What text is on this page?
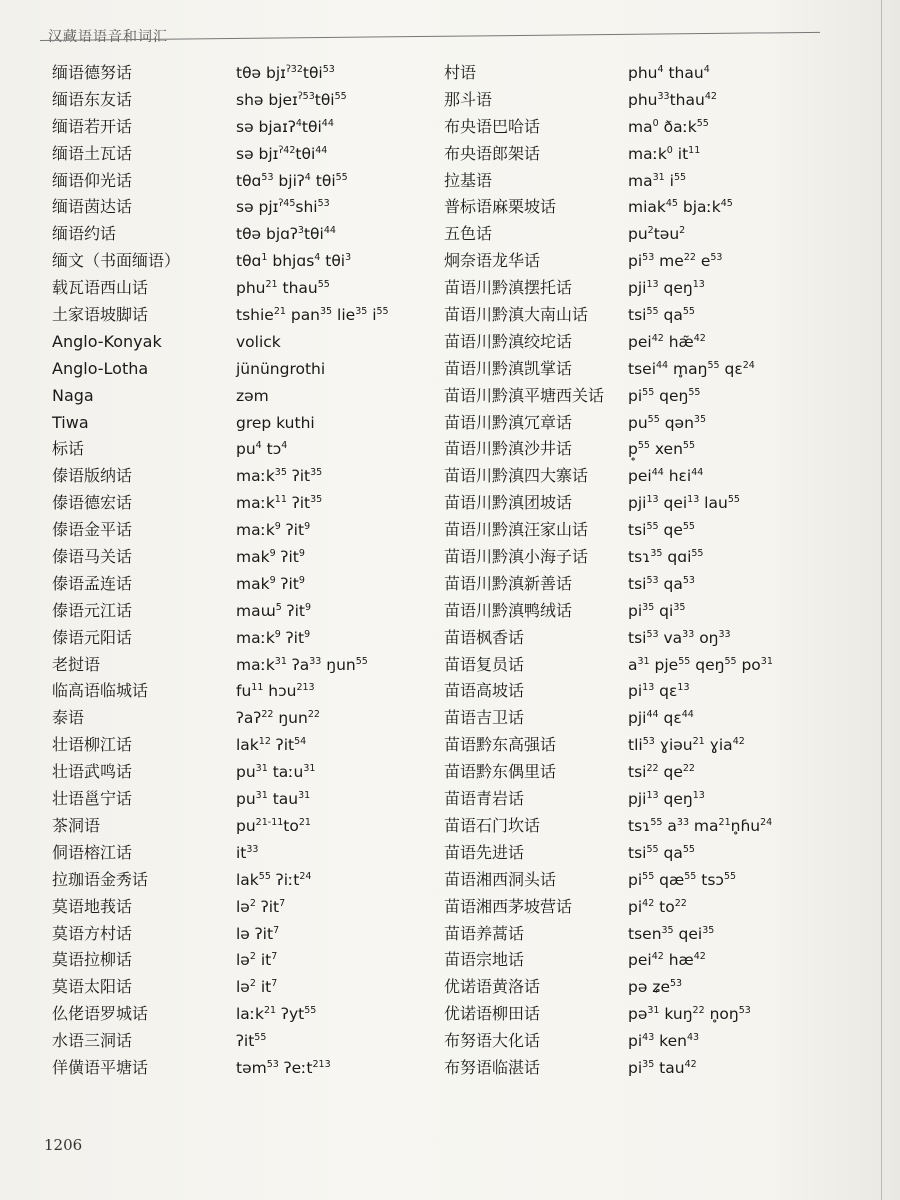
汉藏语语音和词汇
缅语德努话	tθə bjɪ$^{ʔ32}$tθi$^{53}$
缅语东友话	shə bjeɪ$^{ʔ53}$tθi$^{55}$
缅语若开话	sə bjaɪʔ$^4$tθi$^{44}$
缅语土瓦话	sə bjɪ$^{ʔ42}$tθi$^{44}$
缅语仰光话	tθɑ$^{53}$ bjiʔ$^4$ tθi$^{55}$
缅语茵达话	sə pjɪ$^{ʔ45}$shi$^{53}$
缅语约话	tθə bjɑʔ$^3$tθi$^{44}$
缅文（书面缅语）	tθɑ$^1$ bhjɑs$^4$ tθi$^3$
载瓦语西山话	phu$^{21}$ thau$^{55}$
土家语坡脚话	tshie$^{21}$ pan$^{35}$ lie$^{35}$ $i^{55}$
Anglo-Konyak	volick
Anglo-Lotha	jününgrothi
Naga	zəm
Tiwa	grep kuthi
标话	$pu^4$ tɔ$^4$
傣语版纳话	maːk$^{35}$ ʔit$^{35}$
傣语德宏话	maːk$^{11}$ ʔit$^{35}$
傣语金平话	maːk$^9$ ʔit$^9$
傣语马关话	mak$^9$ ʔit$^9$
傣语孟连话	mak$^9$ ʔit$^9$
傣语元江话	maɯ$^5$ ʔit$^9$
傣语元阳话	maːk$^9$ ʔit$^9$
老挝语	maːk$^{31}$ ʔa$^{33}$ ŋun$^{55}$
临高语临城话	$fu^{11}$ hɔu$^{213}$
泰语	ʔaʔ$^{22}$ ŋun$^{22}$
壮语柳江话	lak$^{12}$ ʔit$^{54}$
壮语武鸣话	$pu^{31}$ taːu$^{31}$
壮语邕宁话	$pu^{31}$ tau$^{31}$
茶洞语	$pu^{21-11}to^{21}$
侗语榕江话	$it^{33}$
拉珈语金秀话	lak$^{55}$ ʔiːt$^{24}$
莫语地莪话	lə$^2$ ʔit$^7$
莫语方村话	lə ʔit$^7$
莫语拉柳话	lə$^2$ $it^7$
莫语太阳话	lə$^2$ $it^7$
仫佬语罗城话	laːk$^{21}$ ʔyt$^{55}$
水语三洞话	ʔit$^{55}$
佯僙语平塘话	təm$^{53}$ ʔeːt$^{213}$
村语	phu$^4$ thau$^4$
那斗语	phu$^{33}$thau$^{42}$
布央语巴哈话	$ma^0$ ðaːk$^{55}$
布央语郎架话	maːk$^0$ $it^{11}$
拉基语	$ma^{31}$ $i^{55}$
普标语麻栗坡话	miak$^{45}$ bjaːk$^{45}$
五色话	$pu^2təu^2$
炯奈语龙华话	$pi^{53}$ $me^{22}$ $e^{53}$
苗语川黔滇摆托话	pji$^{13}$ qeŋ$^{13}$
苗语川黔滇大南山话	tsi$^{55}$ $qa^{55}$
苗语川黔滇绞坨话	pei$^{42}$ hæ̃$^{42}$
苗语川黔滇凯掌话	tsei$^{44}$ $m̥aŋ^{55}$ qɛ$^{24}$
苗语川黔滇平塘西关话 $pi^{55}$ qeŋ$^{55}$
苗语川黔滇冗章话	$pu^{55}$ qən$^{35}$
苗语川黔滇沙井话	p̥$^{55}$ xen$^{55}$
苗语川黔滇四大寨话	pei$^{44}$ hɛi$^{44}$
苗语川黔滇团坡话	pji$^{13}$ qei$^{13}$ lau$^{55}$
苗语川黔滇汪家山话	tsi$^{55}$ $qe^{55}$
苗语川黔滇小海子话	tsɿ$^{35}$ qɑi$^{55}$
苗语川黔滇新善话	tsi$^{53}$ $qa^{53}$
苗语川黔滇鸭绒话	$pi^{35}$ $qi^{35}$
苗语枫香话	tsi$^{53}$ $va^{33}$ $oŋ^{33}$
苗语复员话	$a^{31}$ pje$^{55}$ qeŋ$^{55}$ $po^{31}$
苗语高坡话	$pi^{13}$ qɛ$^{13}$
苗语吉卫话	pji$^{44}$ qɛ$^{44}$
苗语黔东高强话	tli$^{53}$ ɣiəu$^{21}$ ɣia$^{42}$
苗语黔东偶里话	tsi$^{22}$ $qe^{22}$
苗语青岩话	pji$^{13}$ qeŋ$^{13}$
苗语石门坎话	tsɿ$^{55}$ $a^{33}$ $ma^{21}n̥ɦu^{24}$
苗语先进话	tsi$^{55}$ $qa^{55}$
苗语湘西洞头话	$pi^{55}$ $qæ^{55}$ tsɔ$^{55}$
苗语湘西茅坡营话	$pi^{42}$ $to^{22}$
苗语养蒿话	tsen$^{35}$ qei$^{35}$
苗语宗地话	pei$^{42}$ $hæ^{42}$
优诺语黄洛话	pə ʑe$^{53}$
优诺语柳田话	pə$^{31}$ kuŋ$^{22}$ $n̥oŋ^{53}$
布努语大化话	$pi^{43}$ ken$^{43}$
布努语临湛话	$pi^{35}$ tau$^{42}$
1206
